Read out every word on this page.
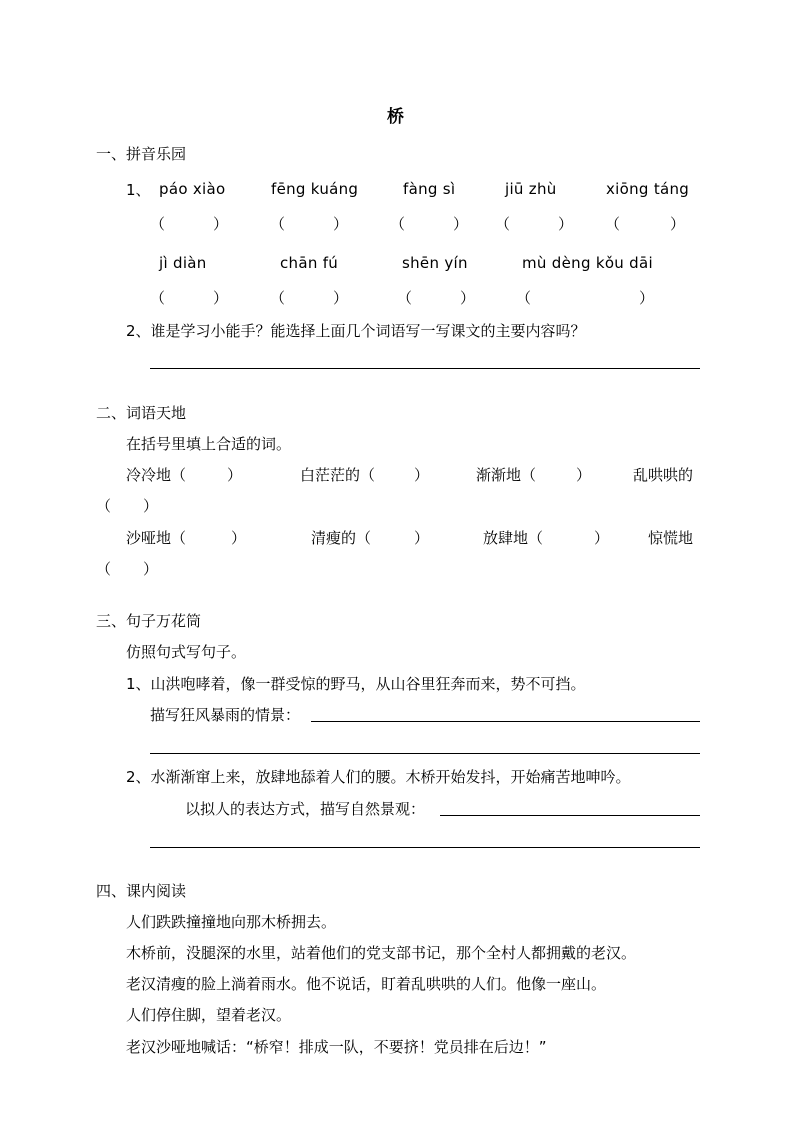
桥
一、拼音乐园
1、 páo xiào	fēng kuáng	fàng sì	jiū zhù	xiōng táng
（	）	（	）	（	） （	） （	）
jì diàn	chān fú	shēn yín	mù dèng kǒu dāi
（	）	（	）	（	）	（	）
2、谁是学习小能手？能选择上面几个词语写一写课文的主要内容吗？
二、词语天地
在括号里填上合适的词。
冷冷地（	）	白茫茫的（	）	渐渐地（	）	乱哄哄的
（ ）
沙哑地（	）	清瘦的（	）	放肆地（	）	惊慌地
（ ）
三、句子万花筒
仿照句式写句子。
1、山洪咆哮着，像一群受惊的野马，从山谷里狂奔而来，势不可挡。
描写狂风暴雨的情景：
2、水渐渐窜上来，放肆地舔着人们的腰。木桥开始发抖，开始痛苦地呻吟。
以拟人的表达方式，描写自然景观：
四、课内阅读
人们跌跌撞撞地向那木桥拥去。
木桥前，没腿深的水里，站着他们的党支部书记，那个全村人都拥戴的老汉。
老汉清瘦的脸上淌着雨水。他不说话，盯着乱哄哄的人们。他像一座山。
人们停住脚，望着老汉。
老汉沙哑地喊话：“桥窄！排成一队，不要挤！党员排在后边！”
